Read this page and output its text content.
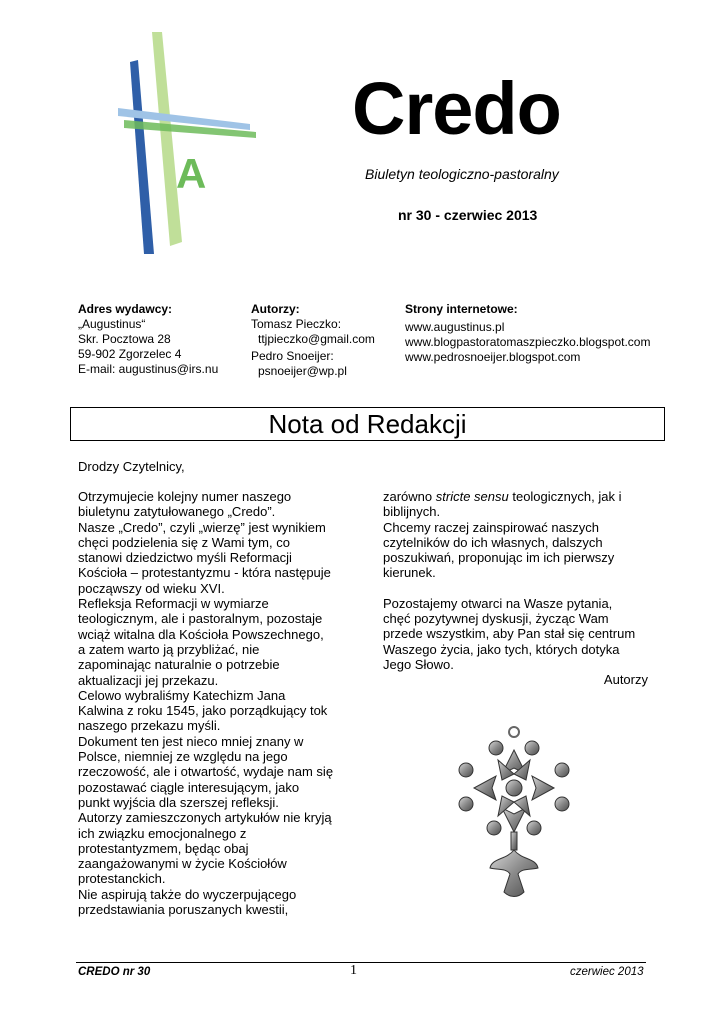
A
Credo
Biuletyn teologiczno-pastoralny
nr 30 - czerwiec 2013
Adres wydawcy:
„Augustinus“
Skr. Pocztowa 28
59-902 Zgorzelec 4
E-mail: augustinus@irs.nu
Autorzy:
Tomasz Pieczko:
ttjpieczko@gmail.com
Pedro Snoeijer:
psnoeijer@wp.pl
Strony internetowe:
www.augustinus.pl
www.blogpastoratomaszpieczko.blogspot.com
www.pedrosnoeijer.blogspot.com
Nota od Redakcji
Drodzy Czytelnicy,

Otrzymujecie kolejny numer naszego

biuletynu zatytułowanego „Credo”.

Nasze „Credo”, czyli „wierzę” jest wynikiem

chęci podzielenia się z Wami tym, co

stanowi dziedzictwo myśli Reformacji

Kościoła – protestantyzmu - która następuje

począwszy od wieku XVI.

Refleksja Reformacji w wymiarze

teologicznym, ale i pastoralnym, pozostaje

wciąż witalna dla Kościoła Powszechnego,

a zatem warto ją przybliżać, nie

zapominając naturalnie o potrzebie

aktualizacji jej przekazu.

Celowo wybraliśmy Katechizm Jana

Kalwina z roku 1545, jako porządkujący tok

naszego przekazu myśli.

Dokument ten jest nieco mniej znany w

Polsce, niemniej ze względu na jego

rzeczowość, ale i otwartość, wydaje nam się

pozostawać ciągle interesującym, jako

punkt wyjścia dla szerszej refleksji.

Autorzy zamieszczonych artykułów nie kryją

ich związku emocjonalnego z

protestantyzmem, będąc obaj

zaangażowanymi w życie Kościołów

protestanckich.

Nie aspirują także do wyczerpującego

przedstawiania poruszanych kwestii,

zarówno stricte sensu teologicznych, jak i

biblijnych.

Chcemy raczej zainspirować naszych

czytelników do ich własnych, dalszych

poszukiwań, proponując im ich pierwszy

kierunek.

Pozostajemy otwarci na Wasze pytania,

chęć pozytywnej dyskusji, życząc Wam

przede wszystkim, aby Pan stał się centrum

Waszego życia, jako tych, których dotyka

Jego Słowo.

Autorzy

CREDO nr 30	1	czerwiec 2013
